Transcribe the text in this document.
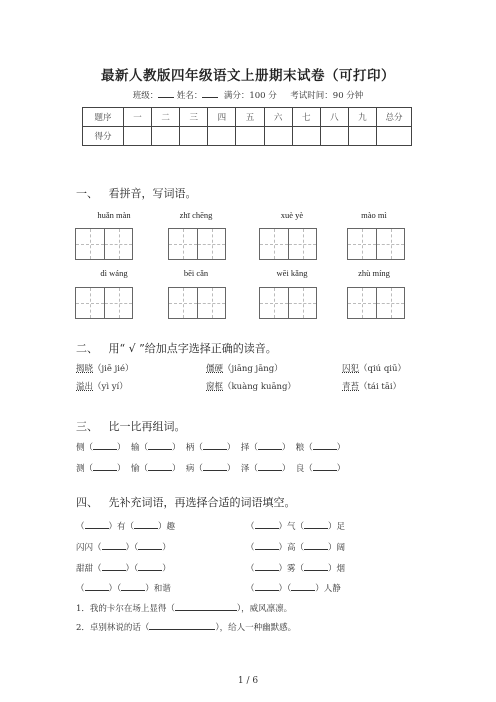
最新人教版四年级语文上册期末试卷（可打印）
班级： 姓名：	满分：100 分 考试时间：90 分钟
题序	一	二	三	四	五	六	七	八	九	总分
得分										
一、 看拼音，写词语。
huǎn màn	zhī chēng	xuè yè	mào mì
dì wáng	bēi cǎn	wēi kǎng	zhù míng
二、 用“ √ ”给加点字选择正确的读音。
揭晓（jiē jié）	僵硬（jiāng jāng）	囚犯（qiú qiū）
溢出（yì yí）	窗框（kuàng kuāng）	青苔（tái tāi）
三、 比一比再组词。
侧（	）  输（	）  柄（	）  择（	）  粮（	）
测（	）  愉（	）  病（	）  泽（	）  良（	）
四、 先补充词语，再选择合适的词语填空。
（	）有（	）趣
闪闪（	）（	）
甜甜（	）（	）
（	）（	）和谐
（	）气（	）足
（	）高（	）阔
（	）雾（	）烟
（	）（	）人静
1．我的卡尔在场上显得（	），威风凛凛。
2．卓别林说的话（	），给人一种幽默感。
1 / 6
